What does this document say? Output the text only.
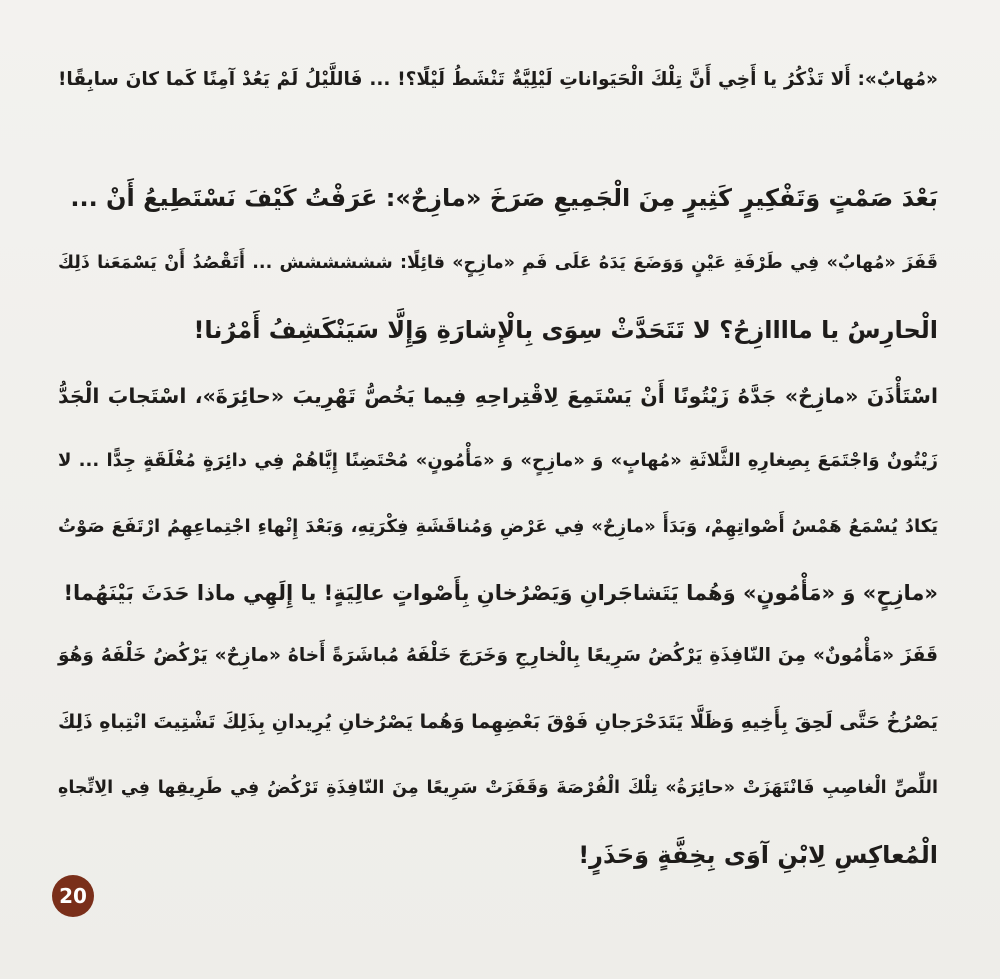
«مُهابٌ»: أَلا تَذْكُرُ يا أَخِي أَنَّ تِلْكَ الْحَيَواناتِ لَيْلِيَّةٌ تَنْشَطُ لَيْلًا؟! ... فَاللَّيْلُ لَمْ يَعُدْ آمِنًا كَما كانَ سابِقًا!
بَعْدَ صَمْتٍ وَتَفْكِيرٍ كَثِيرٍ مِنَ الْجَمِيعِ صَرَخَ «مازِحٌ»: عَرَفْتُ كَيْفَ نَسْتَطِيعُ أَنْ ...
قَفَزَ «مُهابٌ» فِي طَرْفَةِ عَيْنٍ وَوَضَعَ يَدَهُ عَلَى فَمِ «مازِحٍ» قائِلًا: شششششش ... أَتَقْصُدُ أَنْ يَسْمَعَنا ذَلِكَ
الْحارِسُ يا ماااازِحُ؟ لا تَتَحَدَّثْ سِوَى بِالْإِشارَةِ وَإِلَّا سَيَنْكَشِفُ أَمْرُنا!
اسْتَأْذَنَ «مازِحٌ» جَدَّهُ زَيْتُونًا أَنْ يَسْتَمِعَ لِاقْتِراحِهِ فِيما يَخُصُّ تَهْرِيبَ «حائِرَةَ»، اسْتَجابَ الْجَدُّ
زَيْتُونٌ وَاجْتَمَعَ بِصِغارِهِ الثَّلاثَةِ «مُهابٍ» وَ «مازِحٍ» وَ «مَأْمُونٍ» مُحْتَضِنًا إِيَّاهُمْ فِي دائِرَةٍ مُغْلَقَةٍ جِدًّا ... لا
يَكادُ يُسْمَعُ هَمْسُ أَصْواتِهِمْ، وَبَدَأَ «مازِحٌ» فِي عَرْضِ وَمُناقَشَةِ فِكْرَتِهِ، وَبَعْدَ إِنْهاءِ اجْتِماعِهِمُ ارْتَفَعَ صَوْتُ
«مازِحٍ» وَ «مَأْمُونٍ» وَهُما يَتَشاجَرانِ وَيَصْرُخانِ بِأَصْواتٍ عالِيَةٍ! يا إِلَهِي ماذا حَدَثَ بَيْنَهُما!
قَفَزَ «مَأْمُونٌ» مِنَ النّافِذَةِ يَرْكُضُ سَرِيعًا بِالْخارِجِ وَخَرَجَ خَلْفَهُ مُباشَرَةً أَخاهُ «مازِحٌ» يَرْكُضُ خَلْفَهُ وَهُوَ
يَصْرُخُ حَتَّى لَحِقَ بِأَخِيهِ وَظَلَّا يَتَدَحْرَجانِ فَوْقَ بَعْضِهِما وَهُما يَصْرُخانِ يُرِيدانِ بِذَلِكَ تَشْتِيتَ انْتِباهِ ذَلِكَ
اللِّصِّ الْغاصِبِ فَانْتَهَزَتْ «حائِرَةُ» تِلْكَ الْفُرْصَةَ وَقَفَزَتْ سَرِيعًا مِنَ النّافِذَةِ تَرْكُضُ فِي طَرِيقِها فِي الِاتِّجاهِ
الْمُعاكِسِ لِابْنِ آوَى بِخِفَّةٍ وَحَذَرٍ!
20
